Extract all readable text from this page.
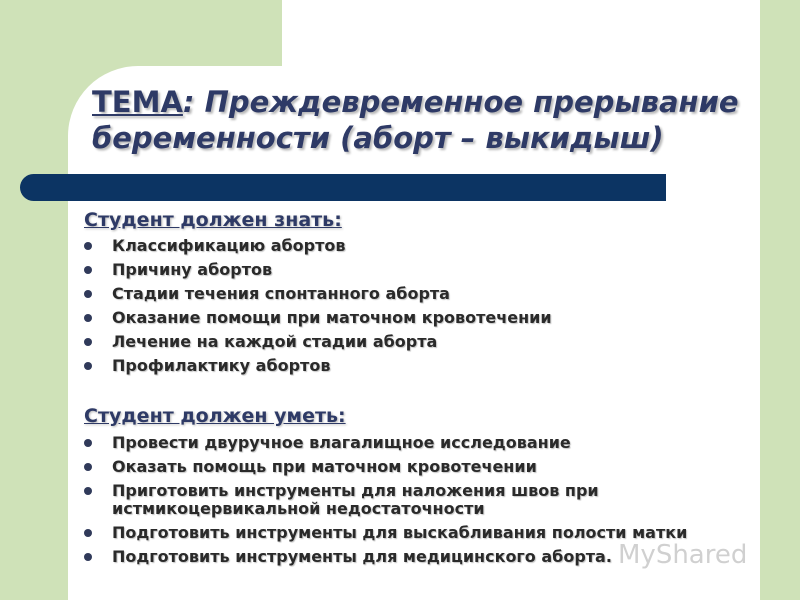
ТЕМА: Преждевременное прерывание беременности (аборт – выкидыш)
Студент должен знать:
Классификацию абортов
Причину абортов
Стадии течения спонтанного аборта
Оказание помощи при маточном кровотечении
Лечение на каждой стадии аборта
Профилактику абортов
Студент должен уметь:
Провести двуручное влагалищное исследование
Оказать помощь при маточном кровотечении
Приготовить инструменты для наложения швов при истмикоцервикальной недостаточности
Подготовить инструменты для выскабливания полости матки
Подготовить инструменты для медицинского аборта. MyShared
